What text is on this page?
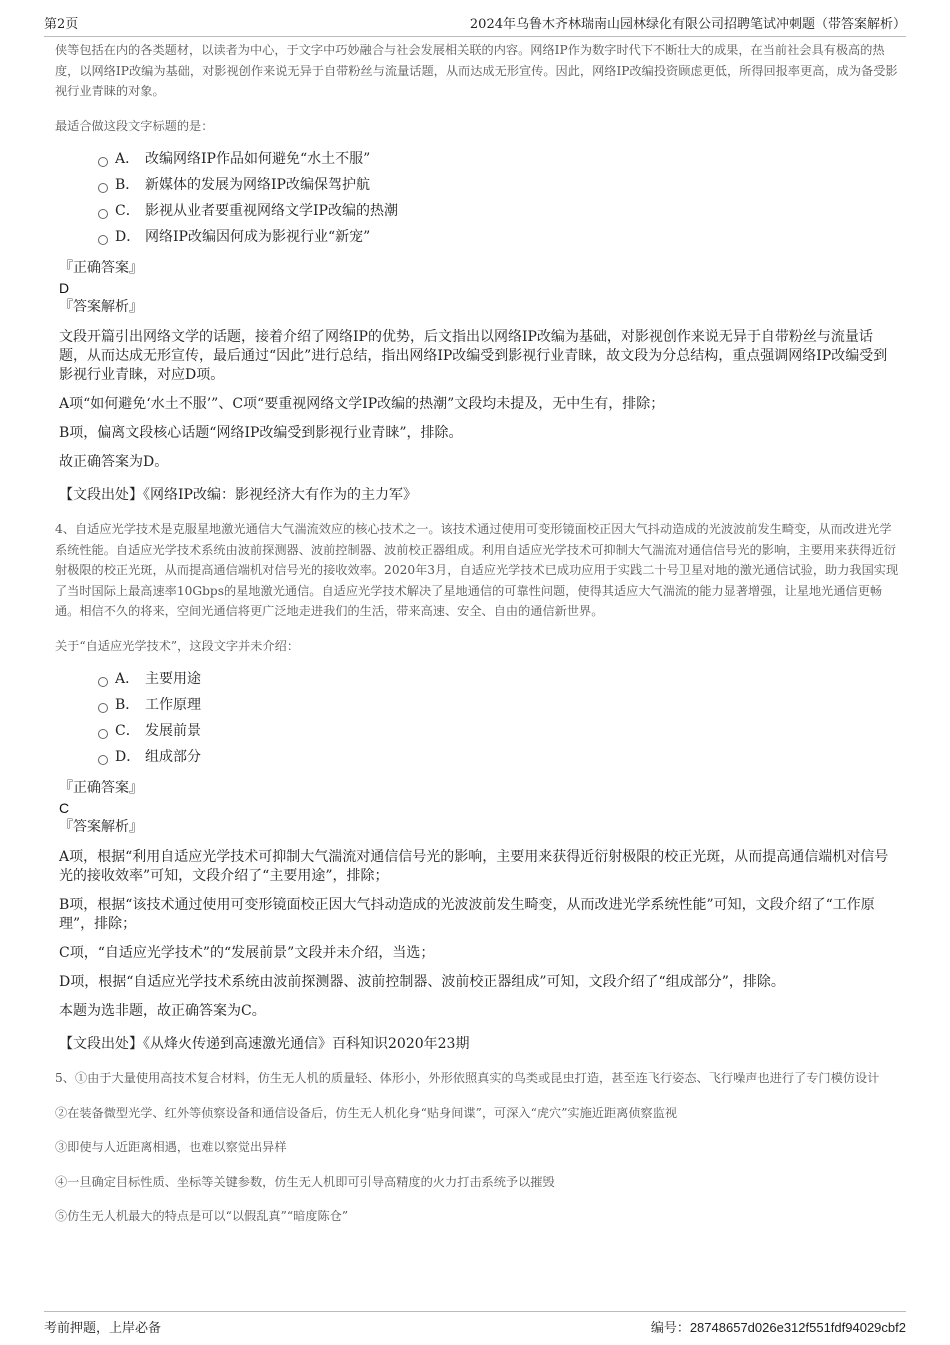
第2页	2024年乌鲁木齐林瑞南山园林绿化有限公司招聘笔试冲刺题（带答案解析）

侠等包括在内的各类题材，以读者为中心，于文字中巧妙融合与社会发展相关联的内容。网络IP作为数字时代下不断壮大的成果，在当前社会具有极高的热度，以网络IP改编为基础，对影视创作来说无异于自带粉丝与流量话题，从而达成无形宣传。因此，网络IP改编投资顾虑更低，所得回报率更高，成为备受影视行业青睐的对象。

最适合做这段文字标题的是：

A． 改编网络IP作品如何避免“水土不服”
B． 新媒体的发展为网络IP改编保驾护航
C． 影视从业者要重视网络文学IP改编的热潮
D． 网络IP改编因何成为影视行业“新宠”
『正确答案』
D
『答案解析』
文段开篇引出网络文学的话题，接着介绍了网络IP的优势，后文指出以网络IP改编为基础，对影视创作来说无异于自带粉丝与流量话题，从而达成无形宣传，最后通过“因此”进行总结，指出网络IP改编受到影视行业青睐，故文段为分总结构，重点强调网络IP改编受到影视行业青睐，对应D项。
A项“如何避免‘水土不服’”、C项“要重视网络文学IP改编的热潮”文段均未提及，无中生有，排除；
B项，偏离文段核心话题“网络IP改编受到影视行业青睐”，排除。
故正确答案为D。
【文段出处】《网络IP改编：影视经济大有作为的主力军》

4、自适应光学技术是克服星地激光通信大气湍流效应的核心技术之一。该技术通过使用可变形镜面校正因大气抖动造成的光波波前发生畸变，从而改进光学系统性能。自适应光学技术系统由波前探测器、波前控制器、波前校正器组成。利用自适应光学技术可抑制大气湍流对通信信号光的影响，主要用来获得近衍射极限的校正光斑，从而提高通信端机对信号光的接收效率。2020年3月，自适应光学技术已成功应用于实践二十号卫星对地的激光通信试验，助力我国实现了当时国际上最高速率10Gbps的星地激光通信。自适应光学技术解决了星地通信的可靠性问题，使得其适应大气湍流的能力显著增强，让星地光通信更畅通。相信不久的将来，空间光通信将更广泛地走进我们的生活，带来高速、安全、自由的通信新世界。

关于“自适应光学技术”，这段文字并未介绍：

A． 主要用途
B． 工作原理
C． 发展前景
D． 组成部分
『正确答案』
C
『答案解析』
A项，根据“利用自适应光学技术可抑制大气湍流对通信信号光的影响，主要用来获得近衍射极限的校正光斑，从而提高通信端机对信号光的接收效率”可知，文段介绍了“主要用途”，排除；
B项，根据“该技术通过使用可变形镜面校正因大气抖动造成的光波波前发生畸变，从而改进光学系统性能”可知，文段介绍了“工作原理”，排除；
C项，“自适应光学技术”的“发展前景”文段并未介绍，当选；
D项，根据“自适应光学技术系统由波前探测器、波前控制器、波前校正器组成”可知，文段介绍了“组成部分”，排除。
本题为选非题，故正确答案为C。
【文段出处】《从烽火传递到高速激光通信》百科知识2020年23期

5、①由于大量使用高技术复合材料，仿生无人机的质量轻、体形小，外形依照真实的鸟类或昆虫打造，甚至连飞行姿态、飞行噪声也进行了专门模仿设计

②在装备微型光学、红外等侦察设备和通信设备后，仿生无人机化身“贴身间谍”，可深入“虎穴”实施近距离侦察监视

③即使与人近距离相遇，也难以察觉出异样

④一旦确定目标性质、坐标等关键参数，仿生无人机即可引导高精度的火力打击系统予以摧毁

⑤仿生无人机最大的特点是可以“以假乱真”“暗度陈仓”

考前押题，上岸必备	编号：28748657d026e312f551fdf94029cbf2
